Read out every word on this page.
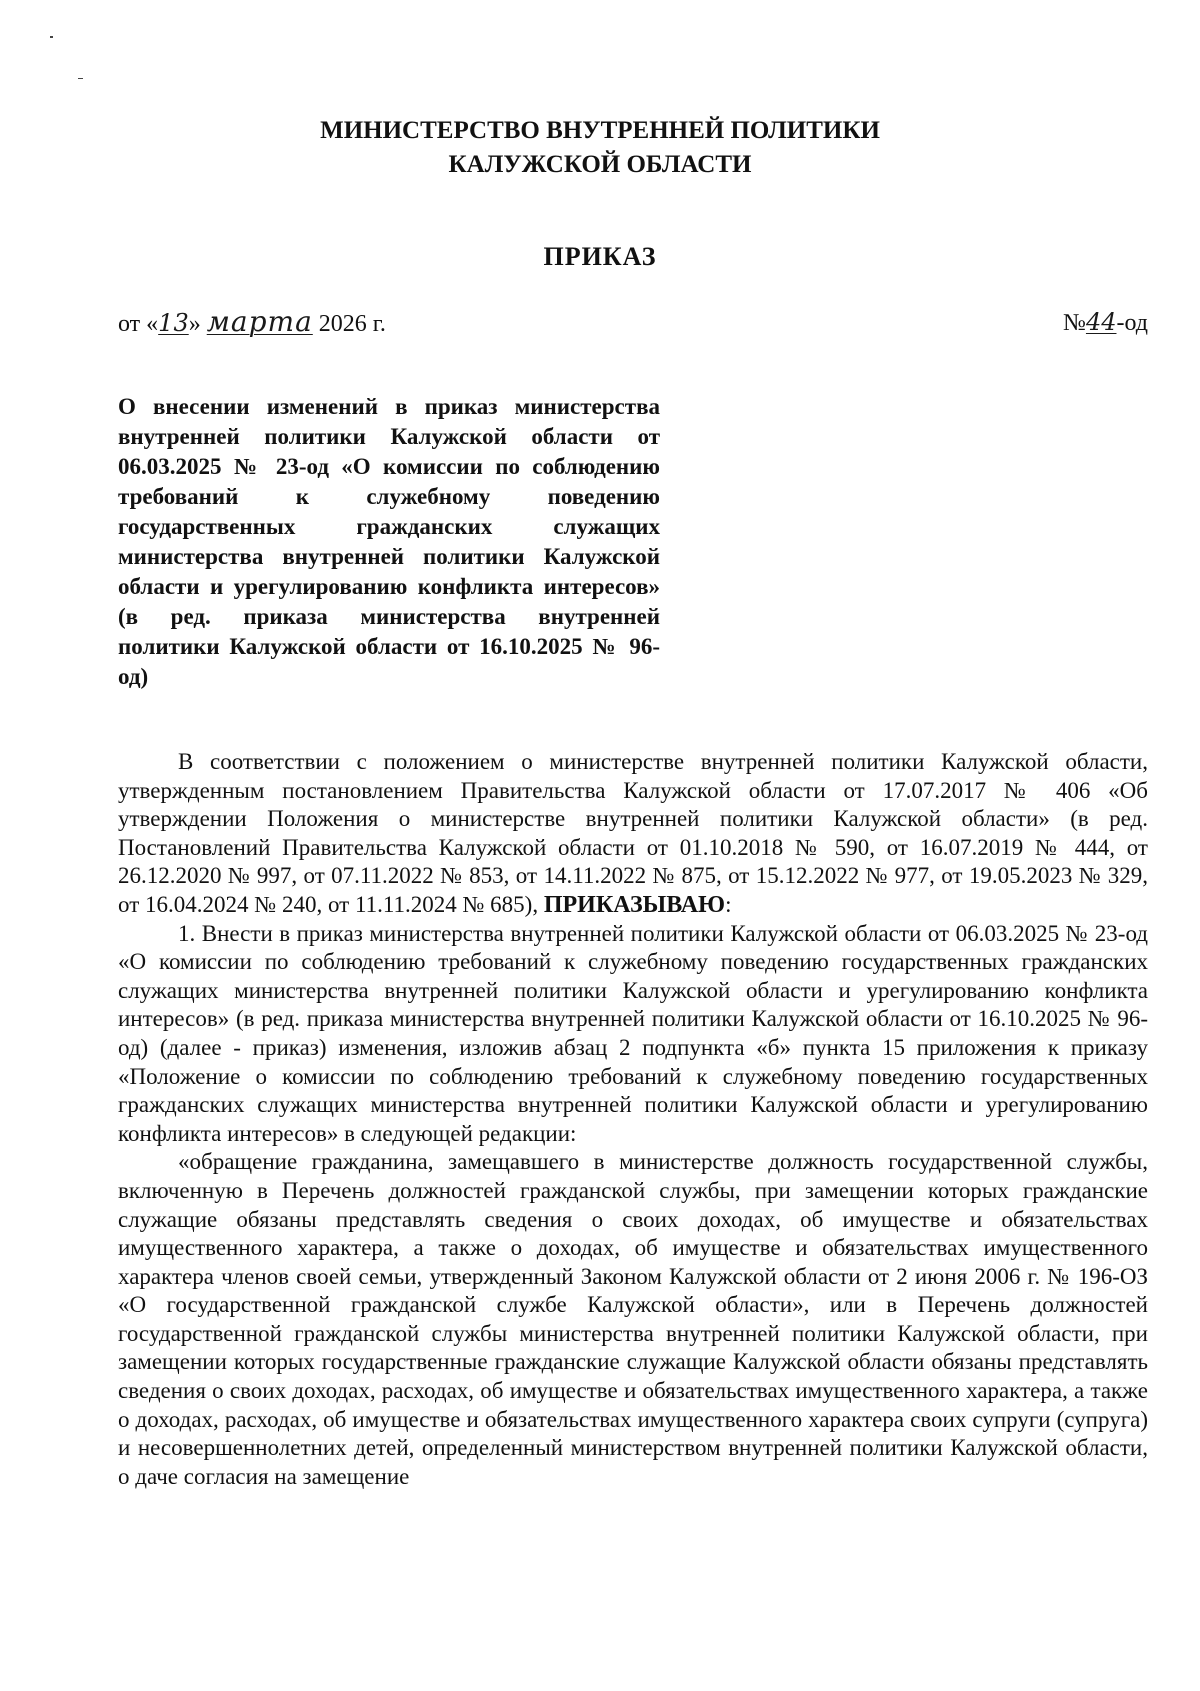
МИНИСТЕРСТВО ВНУТРЕННЕЙ ПОЛИТИКИ
КАЛУЖСКОЙ ОБЛАСТИ
ПРИКАЗ
от «13» марта 2026 г.	№44-од
О внесении изменений в приказ министерства внутренней политики Калужской области от 06.03.2025 № 23-од «О комиссии по соблюдению требований к служебному поведению государственных гражданских служащих министерства внутренней политики Калужской области и урегулированию конфликта интересов» (в ред. приказа министерства внутренней политики Калужской области от 16.10.2025 № 96-од)

В соответствии с положением о министерстве внутренней политики Калужской области, утвержденным постановлением Правительства Калужской области от 17.07.2017 № 406 «Об утверждении Положения о министерстве внутренней политики Калужской области» (в ред. Постановлений Правительства Калужской области от 01.10.2018 № 590, от 16.07.2019 № 444, от 26.12.2020 № 997, от 07.11.2022 № 853, от 14.11.2022 № 875, от 15.12.2022 № 977, от 19.05.2023 № 329, от 16.04.2024 № 240, от 11.11.2024 № 685), ПРИКАЗЫВАЮ:

1. Внести в приказ министерства внутренней политики Калужской области от 06.03.2025 № 23-од «О комиссии по соблюдению требований к служебному поведению государственных гражданских служащих министерства внутренней политики Калужской области и урегулированию конфликта интересов» (в ред. приказа министерства внутренней политики Калужской области от 16.10.2025 № 96-од) (далее - приказ) изменения, изложив абзац 2 подпункта «б» пункта 15 приложения к приказу «Положение о комиссии по соблюдению требований к служебному поведению государственных гражданских служащих министерства внутренней политики Калужской области и урегулированию конфликта интересов» в следующей редакции:

«обращение гражданина, замещавшего в министерстве должность государственной службы, включенную в Перечень должностей гражданской службы, при замещении которых гражданские служащие обязаны представлять сведения о своих доходах, об имуществе и обязательствах имущественного характера, а также о доходах, об имуществе и обязательствах имущественного характера членов своей семьи, утвержденный Законом Калужской области от 2 июня 2006 г. № 196-ОЗ «О государственной гражданской службе Калужской области», или в Перечень должностей государственной гражданской службы министерства внутренней политики Калужской области, при замещении которых государственные гражданские служащие Калужской области обязаны представлять сведения о своих доходах, расходах, об имуществе и обязательствах имущественного характера, а также о доходах, расходах, об имуществе и обязательствах имущественного характера своих супруги (супруга) и несовершеннолетних детей, определенный министерством внутренней политики Калужской области, о даче согласия на замещение
